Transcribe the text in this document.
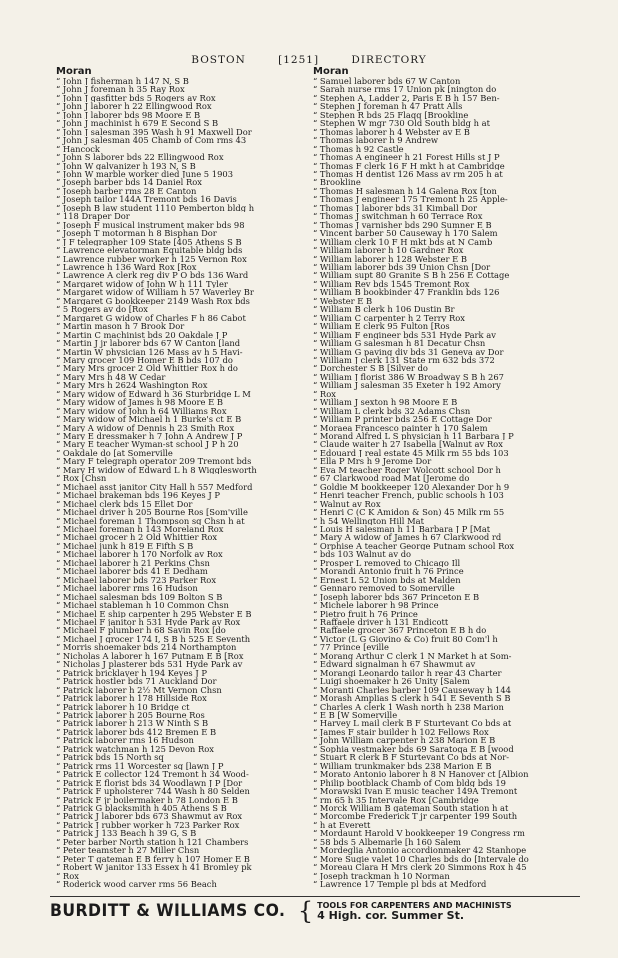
BOSTON	[1251]	DIRECTORY
Moran
“ John J fisherman h 147 N, S B
“ John J foreman h 35 Ray Rox
“ John J gasfitter bds 5 Rogers av Rox
“ John J laborer h 22 Ellingwood Rox
“ John J laborer bds 98 Moore E B
“ John J machinist h 679 E Second S B
“ John J salesman 395 Wash h 91 Maxwell Dor
“ John J salesman 405 Chamb of Com rms 43
“ Hancock
“ John S laborer bds 22 Ellingwood Rox
“ John W galvanizer h 193 N, S B
“ John W marble worker died June 5 1903
“ Joseph barber bds 14 Daniel Rox
“ Joseph barber rms 28 E Canton
“ Joseph tailor 144A Tremont bds 16 Davis
“ Joseph B law student 1110 Pemberton bldg h
“ 118 Draper Dor
“ Joseph F musical instrument maker bds 98
“ Joseph T motorman h 8 Bisphan Dor
“ J F telegrapher 109 State [405 Athens S B
“ Lawrence elevatorman Equitable bldg bds
“ Lawrence rubber worker h 125 Vernon Rox
“ Lawrence h 136 Ward Rox [Rox
“ Lawrence A clerk reg div P O bds 136 Ward
“ Margaret widow of John W h 111 Tyler
“ Margaret widow of William h 57 Waverley Br
“ Margaret G bookkeeper 2149 Wash Rox bds
“ 5 Rogers av do [Rox
“ Margaret G widow of Charles F h 86 Cabot
“ Martin mason h 7 Brook Dor
“ Martin C machinist bds 20 Oakdale J P
“ Martin J jr laborer bds 67 W Canton [land
“ Martin W physician 126 Mass av h 5 Havi-
“ Mary grocer 109 Homer E B bds 107 do
“ Mary Mrs grocer 2 Old Whittier Rox h do
“ Mary Mrs h 48 W Cedar
“ Mary Mrs h 2624 Washington Rox
“ Mary widow of Edward h 36 Sturbridge L M
“ Mary widow of James h 98 Moore E B
“ Mary widow of John h 64 Williams Rox
“ Mary widow of Michael h 1 Burke's ct E B
“ Mary A widow of Dennis h 23 Smith Rox
“ Mary E dressmaker h 7 John A Andrew J P
“ Mary E teacher Wyman-st school J P h 20
“ Oakdale do [at Somerville
“ Mary F telegraph operator 209 Tremont bds
“ Mary H widow of Edward L h 8 Wigglesworth
“ Rox [Chsn
“ Michael asst janitor City Hall h 557 Medford
“ Michael brakeman bds 196 Keyes J P
“ Michael clerk bds 15 Ellet Dor
“ Michael driver h 205 Bourne Ros [Som'ville
“ Michael foreman 1 Thompson sq Chsn h at
“ Michael foreman h 143 Moreland Rox
“ Michael grocer h 2 Old Whittier Rox
“ Michael junk h 819 E Fifth S B
“ Michael laborer h 170 Norfolk av Rox
“ Michael laborer h 21 Perkins Chsn
“ Michael laborer bds 41 E Dedham
“ Michael laborer bds 723 Parker Rox
“ Michael laborer rms 16 Hudson
“ Michael salesman bds 109 Bolton S B
“ Michael stableman h 10 Common Chsn
“ Michael E ship carpenter h 295 Webster E B
“ Michael F janitor h 531 Hyde Park av Rox
“ Michael F plumber h 68 Savin Rox [do
“ Michael J grocer 174 I, S B h 525 E Seventh
“ Morris shoemaker bds 214 Northampton
“ Nicholas A laborer h 167 Putnam E B [Rox
“ Nicholas J plasterer bds 531 Hyde Park av
“ Patrick bricklayer h 194 Keyes J P
“ Patrick hostler bds 71 Auckland Dor
“ Patrick laborer h 2½ Mt Vernon Chsn
“ Patrick laborer h 178 Hillside Rox
“ Patrick laborer h 10 Bridge ct
“ Patrick laborer h 205 Bourne Ros
“ Patrick laborer h 213 W Ninth S B
“ Patrick laborer bds 412 Bremen E B
“ Patrick laborer rms 16 Hudson
“ Patrick watchman h 125 Devon Rox
“ Patrick bds 15 North sq
“ Patrick rms 11 Worcester sq [lawn J P
“ Patrick E collector 124 Tremont h 34 Wood-
“ Patrick E florist bds 34 Woodlawn J P [Dor
“ Patrick F upholsterer 744 Wash h 80 Selden
“ Patrick F jr boilermaker h 78 London E B
“ Patrick G blacksmith h 405 Athens S B
“ Patrick J laborer bds 673 Shawmut av Rox
“ Patrick J rubber worker h 723 Parker Rox
“ Patrick J 133 Beach h 39 G, S B
“ Peter barber North station h 121 Chambers
“ Peter teamster h 27 Miller Chsn
“ Peter T gateman E B ferry h 107 Homer E B
“ Robert W janitor 133 Essex h 41 Bromley pk
“ Rox
“ Roderick wood carver rms 56 Beach
Moran
“ Samuel laborer bds 67 W Canton
“ Sarah nurse rms 17 Union pk [nington do
“ Stephen A, Ladder 2, Paris E B h 157 Ben-
“ Stephen J foreman h 47 Pratt Alls
“ Stephen R bds 25 Flagg [Brookline
“ Stephen W mgr 730 Old South bldg h at
“ Thomas laborer h 4 Webster av E B
“ Thomas laborer h 9 Andrew
“ Thomas h 92 Castle
“ Thomas A engineer h 21 Forest Hills st J P
“ Thomas F clerk 16 F H mkt h at Cambridge
“ Thomas H dentist 126 Mass av rm 205 h at
“ Brookline
“ Thomas H salesman h 14 Galena Rox [ton
“ Thomas J engineer 175 Tremont h 25 Apple-
“ Thomas J laborer bds 31 Kimball Dor
“ Thomas J switchman h 60 Terrace Rox
“ Thomas J varnisher bds 290 Sumner E B
“ Vincent barber 50 Causeway h 170 Salem
“ William clerk 10 F H mkt bds at N Camb
“ William laborer h 10 Gardner Rox
“ William laborer h 128 Webster E B
“ William laborer bds 39 Union Chsn [Dor
“ William supt 80 Granite S B h 256 E Cottage
“ William Rev bds 1545 Tremont Rox
“ William B bookbinder 47 Franklin bds 126
“ Webster E B
“ William B clerk h 106 Dustin Br
“ William C carpenter h 2 Terry Rox
“ William E clerk 95 Fulton [Ros
“ William F engineer bds 531 Hyde Park av
“ William G salesman h 81 Decatur Chsn
“ William G paving div bds 31 Geneva av Dor
“ William J clerk 131 State rm 632 bds 372
“ Dorchester S B [Silver do
“ William J florist 386 W Broadway S B h 267
“ William J salesman 35 Exeter h 192 Amory
“ Rox
“ William J sexton h 98 Moore E B
“ William L clerk bds 32 Adams Chsn
“ William P printer bds 256 E Cottage Dor
“ Moraea Francesco painter h 170 Salem
“ Morand Alfred L S physician h 11 Barbara J P
“ Claude waiter h 27 Isabella [Walnut av Rox
“ Edouard J real estate 45 Milk rm 55 bds 103
“ Ella P Mrs h 9 Jerome Dor
“ Eva M teacher Roger Wolcott school Dor h
“ 67 Clarkwood road Mat [Jerome do
“ Goldie M bookkeeper 120 Alexander Dor h 9
“ Henri teacher French, public schools h 103
“ Walnut av Rox
“ Henri C (C K Amidon & Son) 45 Milk rm 55
“ h 54 Wellington Hill Mat
“ Louis H salesman h 11 Barbara J P [Mat
“ Mary A widow of James h 67 Clarkwood rd
“ Orphise A teacher George Putnam school Rox
“ bds 103 Walnut av do
“ Prosper L removed to Chicago Ill
“ Morandi Antonio fruit h 76 Prince
“ Ernest L 52 Union bds at Malden
“ Gennaro removed to Somerville
“ Joseph laborer bds 367 Princeton E B
“ Michele laborer h 98 Prince
“ Pietro fruit h 76 Prince
“ Raffaele driver h 131 Endicott
“ Raffaele grocer 367 Princeton E B h do
“ Victor (L G Giovino & Co) fruit 80 Com'l h
“ 77 Prince [eville
“ Morang Arthur C clerk 1 N Market h at Som-
“ Edward signalman h 67 Shawmut av
“ Morangi Leonardo tailor h rear 43 Charter
“ Luigi shoemaker h 26 Unity [Salem
“ Moranti Charles barber 109 Causeway h 144
“ Morash Amplias S clerk h 541 E Seventh S B
“ Charles A clerk 1 Wash north h 238 Marion
“ E B [W Somerville
“ Harvey L mail clerk B F Sturtevant Co bds at
“ James F stair builder h 102 Fellows Rox
“ John William carpenter h 238 Marion E B
“ Sophia vestmaker bds 69 Saratoga E B [wood
“ Stuart R clerk B F Sturtevant Co bds at Nor-
“ William trunkmaker bds 238 Marion E B
“ Morato Antonio laborer h 8 N Hanover ct [Albion
“ Philip bootblack Chamb of Com bldg bds 19
“ Morawski Ivan E music teacher 149A Tremont
“ rm 65 h 35 Intervale Rox [Cambridge
“ Morck William B gateman South station h at
“ Morcombe Frederick T jr carpenter 199 South
“ h at Everett
“ Mordaunt Harold V bookkeeper 19 Congress rm
“ 58 bds 5 Albemarle [h 160 Salem
“ Mordeglia Antonio accordionmaker 42 Stanhope
“ More Sugie valet 10 Charles bds do [Intervale do
“ Moreau Clara H Mrs clerk 20 Simmons Rox h 45
“ Joseph trackman h 10 Norman
“ Lawrence 17 Temple pl bds at Medford
BURDITT & WILLIAMS CO. { TOOLS FOR CARPENTERS AND MACHINISTS
4 High. cor. Summer St.
